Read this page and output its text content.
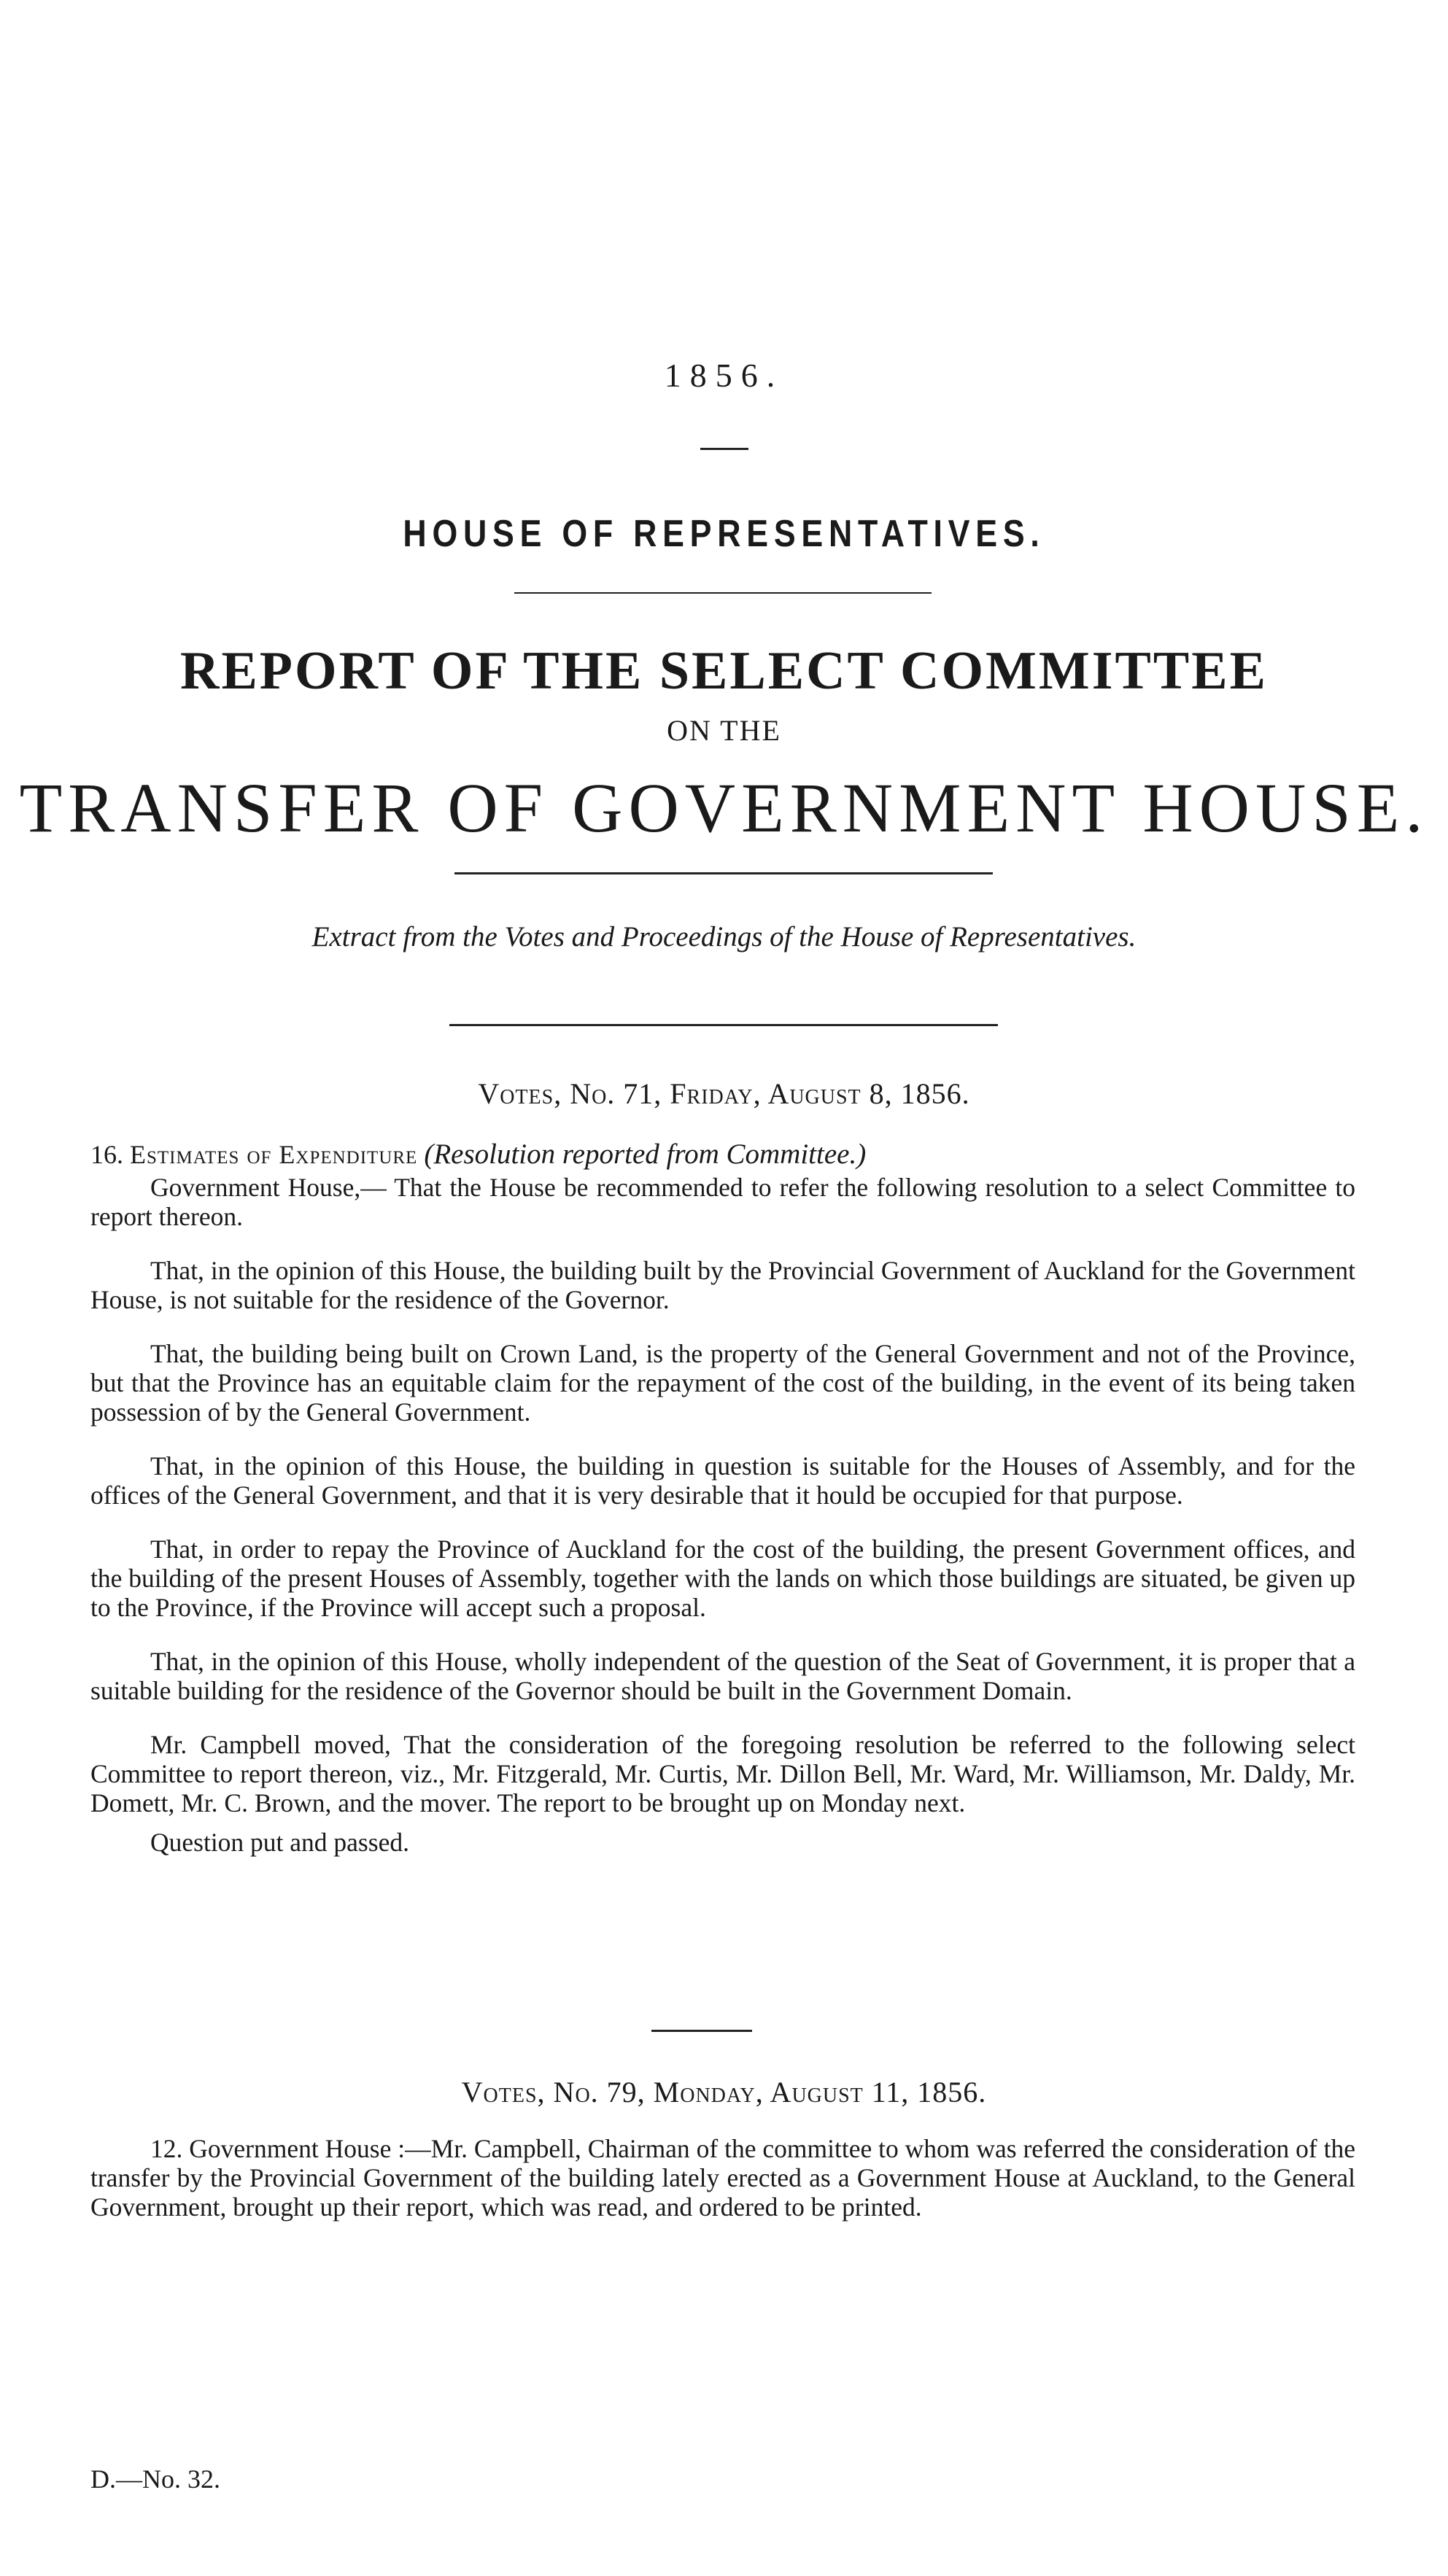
1856.
HOUSE OF REPRESENTATIVES.
REPORT OF THE SELECT COMMITTEE
ON THE
TRANSFER OF GOVERNMENT HOUSE.
Extract from the Votes and Proceedings of the House of Representatives.
Votes, No. 71, Friday, August 8, 1856.
16. Estimates of Expenditure (Resolution reported from Committee.)

Government House,— That the House be recommended to refer the following resolution to a select Committee to report thereon.

That, in the opinion of this House, the building built by the Provincial Government of Auckland for the Government House, is not suitable for the residence of the Governor.

That, the building being built on Crown Land, is the property of the General Government and not of the Province, but that the Province has an equitable claim for the repayment of the cost of the building, in the event of its being taken possession of by the General Government.

That, in the opinion of this House, the building in question is suitable for the Houses of Assembly, and for the offices of the General Government, and that it is very desirable that it hould be occupied for that purpose.

That, in order to repay the Province of Auckland for the cost of the building, the present Government offices, and the building of the present Houses of Assembly, together with the lands on which those buildings are situated, be given up to the Province, if the Province will accept such a proposal.

That, in the opinion of this House, wholly independent of the question of the Seat of Government, it is proper that a suitable building for the residence of the Governor should be built in the Government Domain.

Mr. Campbell moved, That the consideration of the foregoing resolution be referred to the following select Committee to report thereon, viz., Mr. Fitzgerald, Mr. Curtis, Mr. Dillon Bell, Mr. Ward, Mr. Williamson, Mr. Daldy, Mr. Domett, Mr. C. Brown, and the mover. The report to be brought up on Monday next.

Question put and passed.

Votes, No. 79, Monday, August 11, 1856.

12. Government House :—Mr. Campbell, Chairman of the committee to whom was referred the consideration of the transfer by the Provincial Government of the building lately erected as a Government House at Auckland, to the General Government, brought up their report, which was read, and ordered to be printed.

D.—No. 32.
